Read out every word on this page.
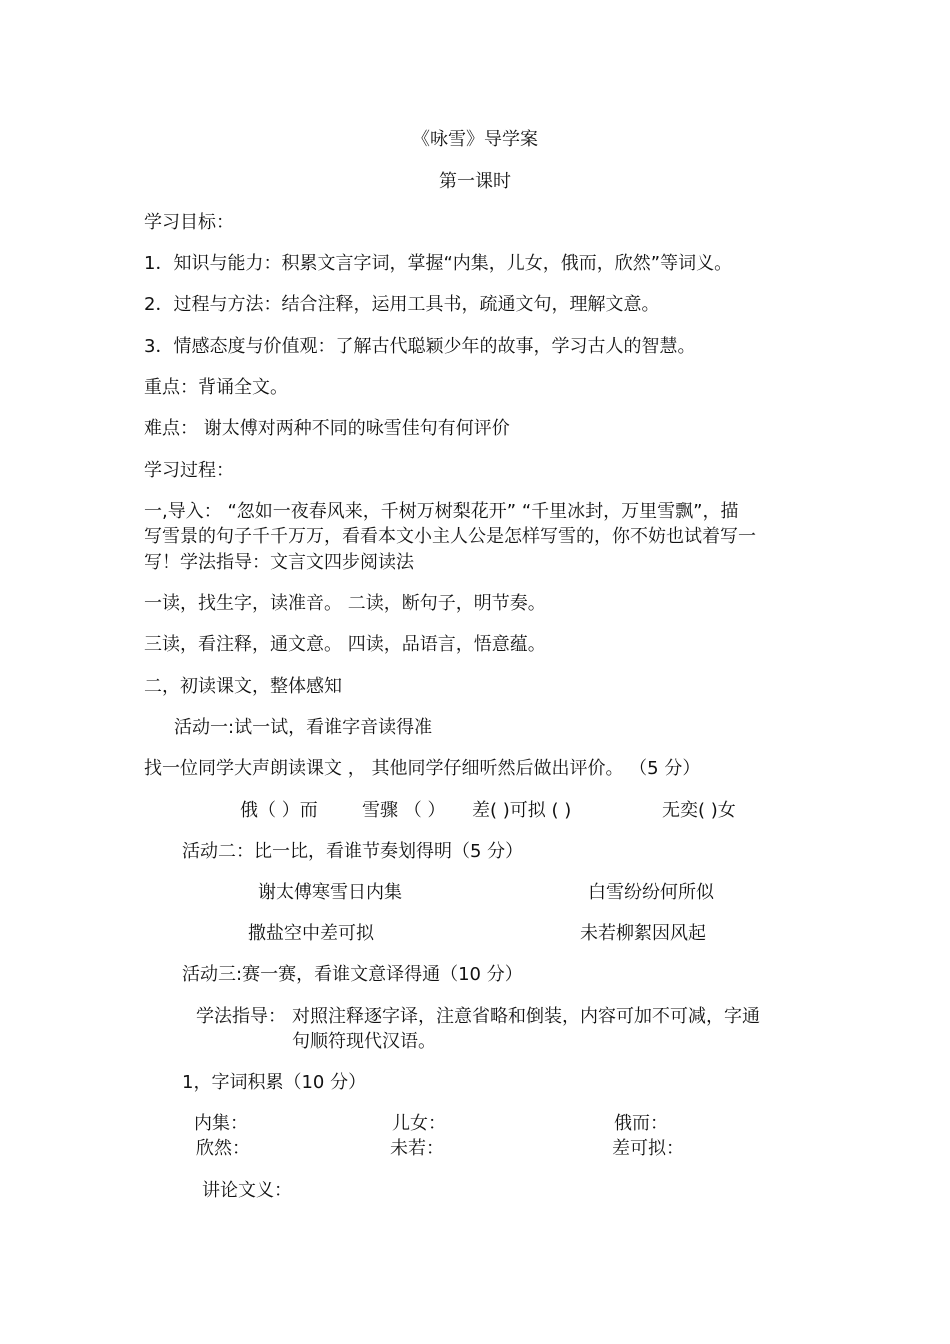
《咏雪》导学案
第一课时
学习目标：
1．知识与能力：积累文言字词，掌握“内集，儿女，俄而，欣然”等词义。
2．过程与方法：结合注释，运用工具书，疏通文句，理解文意。
3．情感态度与价值观：了解古代聪颖少年的故事，学习古人的智慧。
重点：背诵全文。
难点： 谢太傅对两种不同的咏雪佳句有何评价
学习过程：
一,导入： “忽如一夜春风来，千树万树梨花开” “千里冰封，万里雪飘”，描
写雪景的句子千千万万，看看本文小主人公是怎样写雪的，你不妨也试着写一
写！学法指导：文言文四步阅读法
一读，找生字，读准音。 二读，断句子，明节奏。
三读，看注释，通文意。 四读，品语言，悟意蕴。
二，初读课文，整体感知
活动一:试一试，看谁字音读得准
找一位同学大声朗读课文 ， 其他同学仔细听然后做出评价。 （5 分）
俄（ ）而 雪骤 （ ） 差( )可拟 ( )	无奕( )女
活动二：比一比，看谁节奏划得明（5 分）
谢太傅寒雪日内集	白雪纷纷何所似
撒盐空中差可拟	未若柳絮因风起
活动三:赛一赛，看谁文意译得通（10 分）
学法指导： 对照注释逐字译，注意省略和倒装，内容可加不可减，字通
句顺符现代汉语。
1，字词积累（10 分）
内集：	儿女：	俄而：
欣然：	未若：	差可拟：
讲论文义：
